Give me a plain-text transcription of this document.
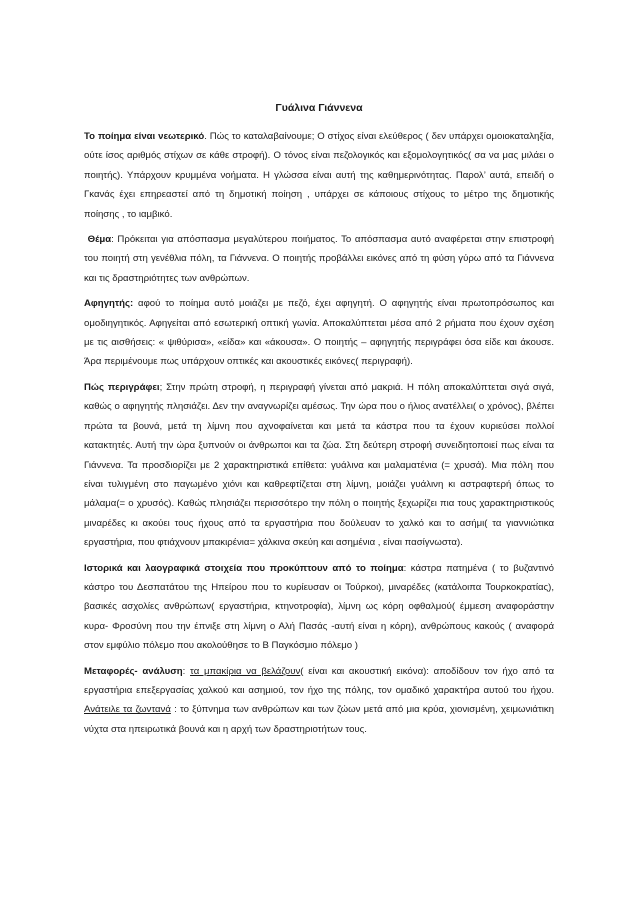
Γυάλινα Γιάννενα

Το ποίημα είναι νεωτερικό. Πώς το καταλαβαίνουμε; Ο στίχος είναι ελεύθερος ( δεν υπάρχει ομοιοκαταληξία, ούτε ίσος αριθμός στίχων σε κάθε στροφή). Ο τόνος είναι πεζολογικός και εξομολογητικός( σα να μας μιλάει ο ποιητής). Υπάρχουν κρυμμένα νοήματα. Η γλώσσα είναι αυτή της καθημερινότητας. Παρολ’ αυτά, επειδή ο Γκανάς έχει επηρεαστεί από τη δημοτική ποίηση , υπάρχει σε κάποιους στίχους το μέτρο της δημοτικής ποίησης , το ιαμβικό.

Θέμα: Πρόκειται για απόσπασμα μεγαλύτερου ποιήματος. Το απόσπασμα αυτό αναφέρεται στην επιστροφή του ποιητή στη γενέθλια πόλη, τα Γιάννενα. Ο ποιητής προβάλλει εικόνες από τη φύση γύρω από τα Γιάννενα και τις δραστηριότητες των ανθρώπων.

Αφηγητής: αφού το ποίημα αυτό μοιάζει με πεζό, έχει αφηγητή. Ο αφηγητής είναι πρωτοπρόσωπος και ομοδιηγητικός. Αφηγείται από εσωτερική οπτική γωνία. Αποκαλύπτεται μέσα από 2 ρήματα που έχουν σχέση με τις αισθήσεις: « ψιθύρισα», «είδα» και «άκουσα». Ο ποιητής – αφηγητής περιγράφει όσα είδε και άκουσε. Άρα περιμένουμε πως υπάρχουν οπτικές και ακουστικές εικόνες( περιγραφή).

Πώς περιγράφει; Στην πρώτη στροφή, η περιγραφή γίνεται από μακριά. Η πόλη αποκαλύπτεται σιγά σιγά, καθώς ο αφηγητής πλησιάζει. Δεν την αναγνωρίζει αμέσως. Την ώρα που ο ήλιος ανατέλλει( ο χρόνος), βλέπει πρώτα τα βουνά, μετά τη λίμνη που αχνοφαίνεται και μετά τα κάστρα που τα έχουν κυριεύσει πολλοί κατακτητές. Αυτή την ώρα ξυπνούν οι άνθρωποι και τα ζώα. Στη δεύτερη στροφή συνειδητοποιεί πως είναι τα Γιάννενα. Τα προσδιορίζει με 2 χαρακτηριστικά επίθετα: γυάλινα και μαλαματένια (= χρυσά). Μια πόλη που είναι τυλιγμένη στο παγωμένο χιόνι και καθρεφτίζεται στη λίμνη, μοιάζει γυάλινη κι αστραφτερή όπως το μάλαμα(= ο χρυσός). Καθώς πλησιάζει περισσότερο την πόλη ο ποιητής ξεχωρίζει πια τους χαρακτηριστικούς μιναρέδες κι ακούει τους ήχους από τα εργαστήρια που δούλευαν το χαλκό και το ασήμι( τα γιαννιώτικα εργαστήρια, που φτιάχνουν μπακιρένια= χάλκινα σκεύη και ασημένια , είναι πασίγνωστα).

Ιστορικά και λαογραφικά στοιχεία που προκύπτουν από το ποίημα: κάστρα πατημένα ( το βυζαντινό κάστρο του Δεσπατάτου της Ηπείρου που το κυρίευσαν οι Τούρκοι), μιναρέδες (κατάλοιπα Τουρκοκρατίας), βασικές ασχολίες ανθρώπων( εργαστήρια, κτηνοτροφία), λίμνη ως κόρη οφθαλμού( έμμεση αναφοράστην κυρα- Φροσύνη που την έπνιξε στη λίμνη ο Αλή Πασάς -αυτή είναι η κόρη), ανθρώπους κακούς ( αναφορά στον εμφύλιο πόλεμο που ακολούθησε το Β Παγκόσμιο πόλεμο )

Μεταφορές- ανάλυση: τα μπακίρια να βελάζουν( είναι και ακουστική εικόνα): αποδίδουν τον ήχο από τα εργαστήρια επεξεργασίας χαλκού και ασημιού, τον ήχο της πόλης, τον ομαδικό χαρακτήρα αυτού του ήχου. Ανάτειλε τα ζωντανά : το ξύπνημα των ανθρώπων και των ζώων μετά από μια κρύα, χιονισμένη, χειμωνιάτικη νύχτα στα ηπειρωτικά βουνά και η αρχή των δραστηριοτήτων τους.
